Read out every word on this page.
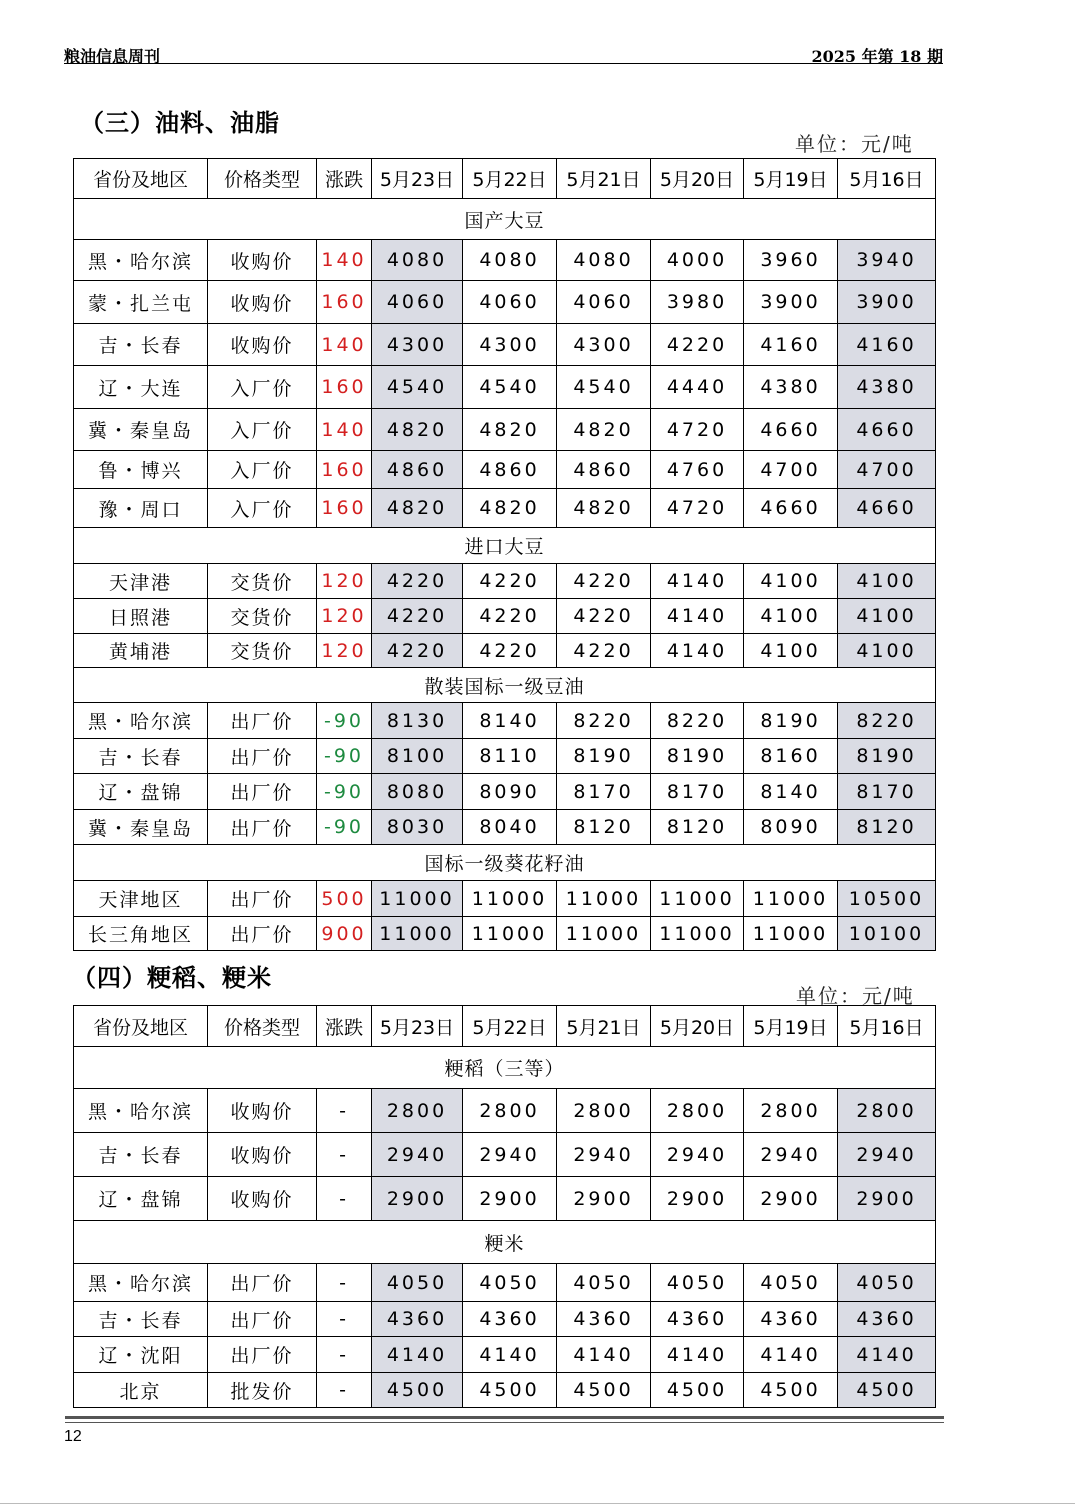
粮油信息周刊	2025 年第 18 期
（三）油料、油脂
单位：元/吨
省份及地区	价格类型	涨跌	5月23日	5月22日	5月21日	5月20日	5月19日	5月16日
国产大豆								
黑・哈尔滨	收购价	140	4080	4080	4080	4000	3960	3940
蒙・扎兰屯	收购价	160	4060	4060	4060	3980	3900	3900
吉・长春	收购价	140	4300	4300	4300	4220	4160	4160
辽・大连	入厂价	160	4540	4540	4540	4440	4380	4380
冀・秦皇岛	入厂价	140	4820	4820	4820	4720	4660	4660
鲁・博兴	入厂价	160	4860	4860	4860	4760	4700	4700
豫・周口	入厂价	160	4820	4820	4820	4720	4660	4660
进口大豆								
天津港	交货价	120	4220	4220	4220	4140	4100	4100
日照港	交货价	120	4220	4220	4220	4140	4100	4100
黄埔港	交货价	120	4220	4220	4220	4140	4100	4100
散装国标一级豆油								
黑・哈尔滨	出厂价	-90	8130	8140	8220	8220	8190	8220
吉・长春	出厂价	-90	8100	8110	8190	8190	8160	8190
辽・盘锦	出厂价	-90	8080	8090	8170	8170	8140	8170
冀・秦皇岛	出厂价	-90	8030	8040	8120	8120	8090	8120
国标一级葵花籽油								
天津地区	出厂价	500	11000	11000	11000	11000	11000	10500
长三角地区	出厂价	900	11000	11000	11000	11000	11000	10100
（四）粳稻、粳米
单位：元/吨
省份及地区	价格类型	涨跌	5月23日	5月22日	5月21日	5月20日	5月19日	5月16日
粳稻（三等）								
黑・哈尔滨	收购价	-	2800	2800	2800	2800	2800	2800
吉・长春	收购价	-	2940	2940	2940	2940	2940	2940
辽・盘锦	收购价	-	2900	2900	2900	2900	2900	2900
粳米								
黑・哈尔滨	出厂价	-	4050	4050	4050	4050	4050	4050
吉・长春	出厂价	-	4360	4360	4360	4360	4360	4360
辽・沈阳	出厂价	-	4140	4140	4140	4140	4140	4140
北京	批发价	-	4500	4500	4500	4500	4500	4500
12
